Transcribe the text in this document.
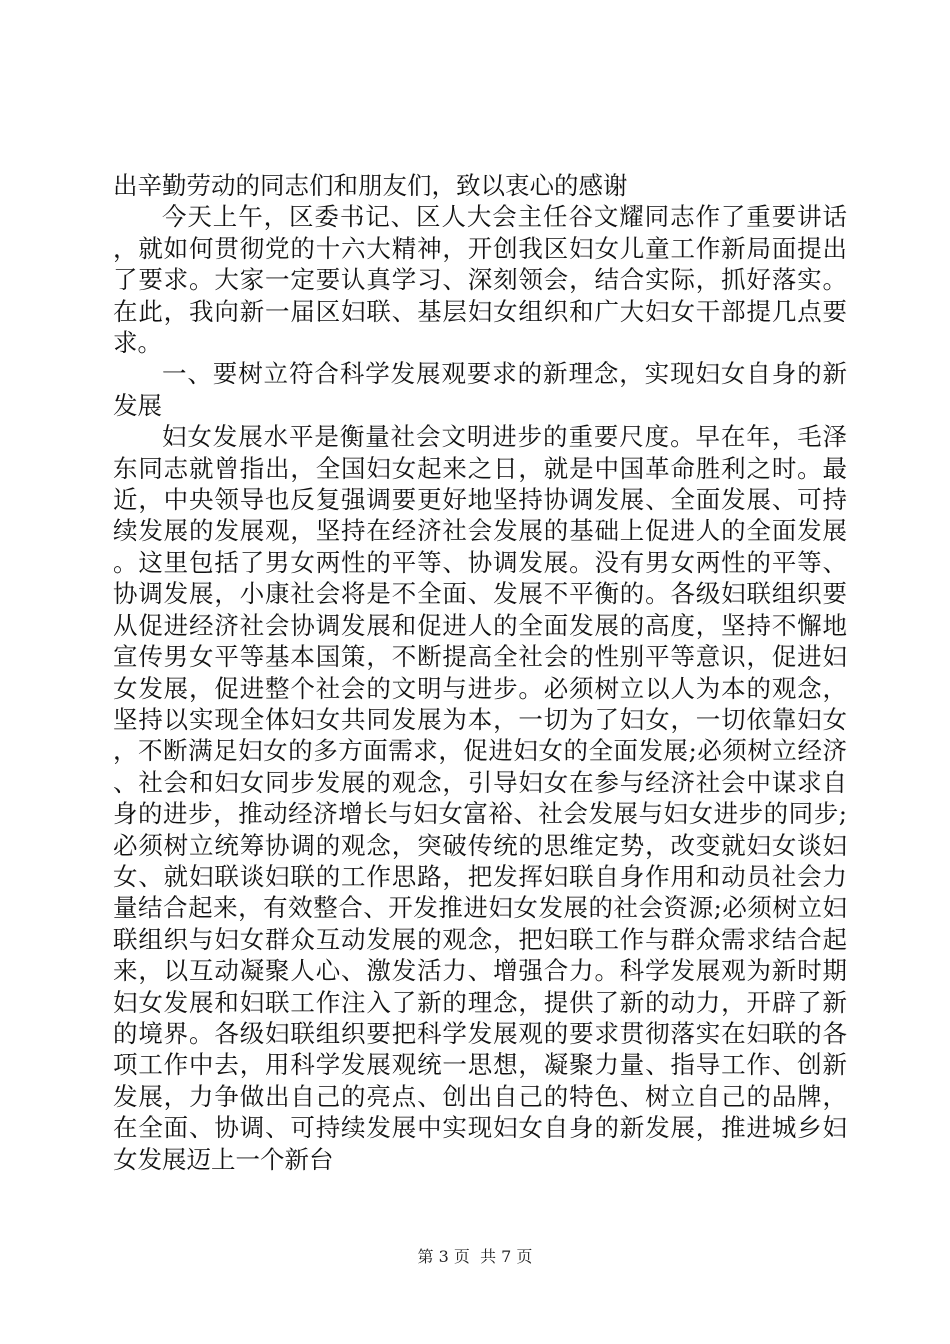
出辛勤劳动的同志们和朋友们，致以衷心的感谢

今天上午，区委书记、区人大会主任谷文耀同志作了重要讲话，就如何贯彻党的十六大精神，开创我区妇女儿童工作新局面提出了要求。大家一定要认真学习、深刻领会，结合实际，抓好落实。在此，我向新一届区妇联、基层妇女组织和广大妇女干部提几点要求。

一、要树立符合科学发展观要求的新理念，实现妇女自身的新发展

妇女发展水平是衡量社会文明进步的重要尺度。早在年，毛泽东同志就曾指出，全国妇女起来之日，就是中国革命胜利之时。最近，中央领导也反复强调要更好地坚持协调发展、全面发展、可持续发展的发展观，坚持在经济社会发展的基础上促进人的全面发展。这里包括了男女两性的平等、协调发展。没有男女两性的平等、协调发展，小康社会将是不全面、发展不平衡的。各级妇联组织要从促进经济社会协调发展和促进人的全面发展的高度，坚持不懈地宣传男女平等基本国策，不断提高全社会的性别平等意识，促进妇女发展，促进整个社会的文明与进步。必须树立以人为本的观念，坚持以实现全体妇女共同发展为本，一切为了妇女，一切依靠妇女，不断满足妇女的多方面需求，促进妇女的全面发展;必须树立经济、社会和妇女同步发展的观念，引导妇女在参与经济社会中谋求自身的进步，推动经济增长与妇女富裕、社会发展与妇女进步的同步;必须树立统筹协调的观念，突破传统的思维定势，改变就妇女谈妇女、就妇联谈妇联的工作思路，把发挥妇联自身作用和动员社会力量结合起来，有效整合、开发推进妇女发展的社会资源;必须树立妇联组织与妇女群众互动发展的观念，把妇联工作与群众需求结合起来，以互动凝聚人心、激发活力、增强合力。科学发展观为新时期妇女发展和妇联工作注入了新的理念，提供了新的动力，开辟了新的境界。各级妇联组织要把科学发展观的要求贯彻落实在妇联的各项工作中去，用科学发展观统一思想，凝聚力量、指导工作、创新发展，力争做出自己的亮点、创出自己的特色、树立自己的品牌，在全面、协调、可持续发展中实现妇女自身的新发展，推进城乡妇女发展迈上一个新台

第 3 页  共 7 页
